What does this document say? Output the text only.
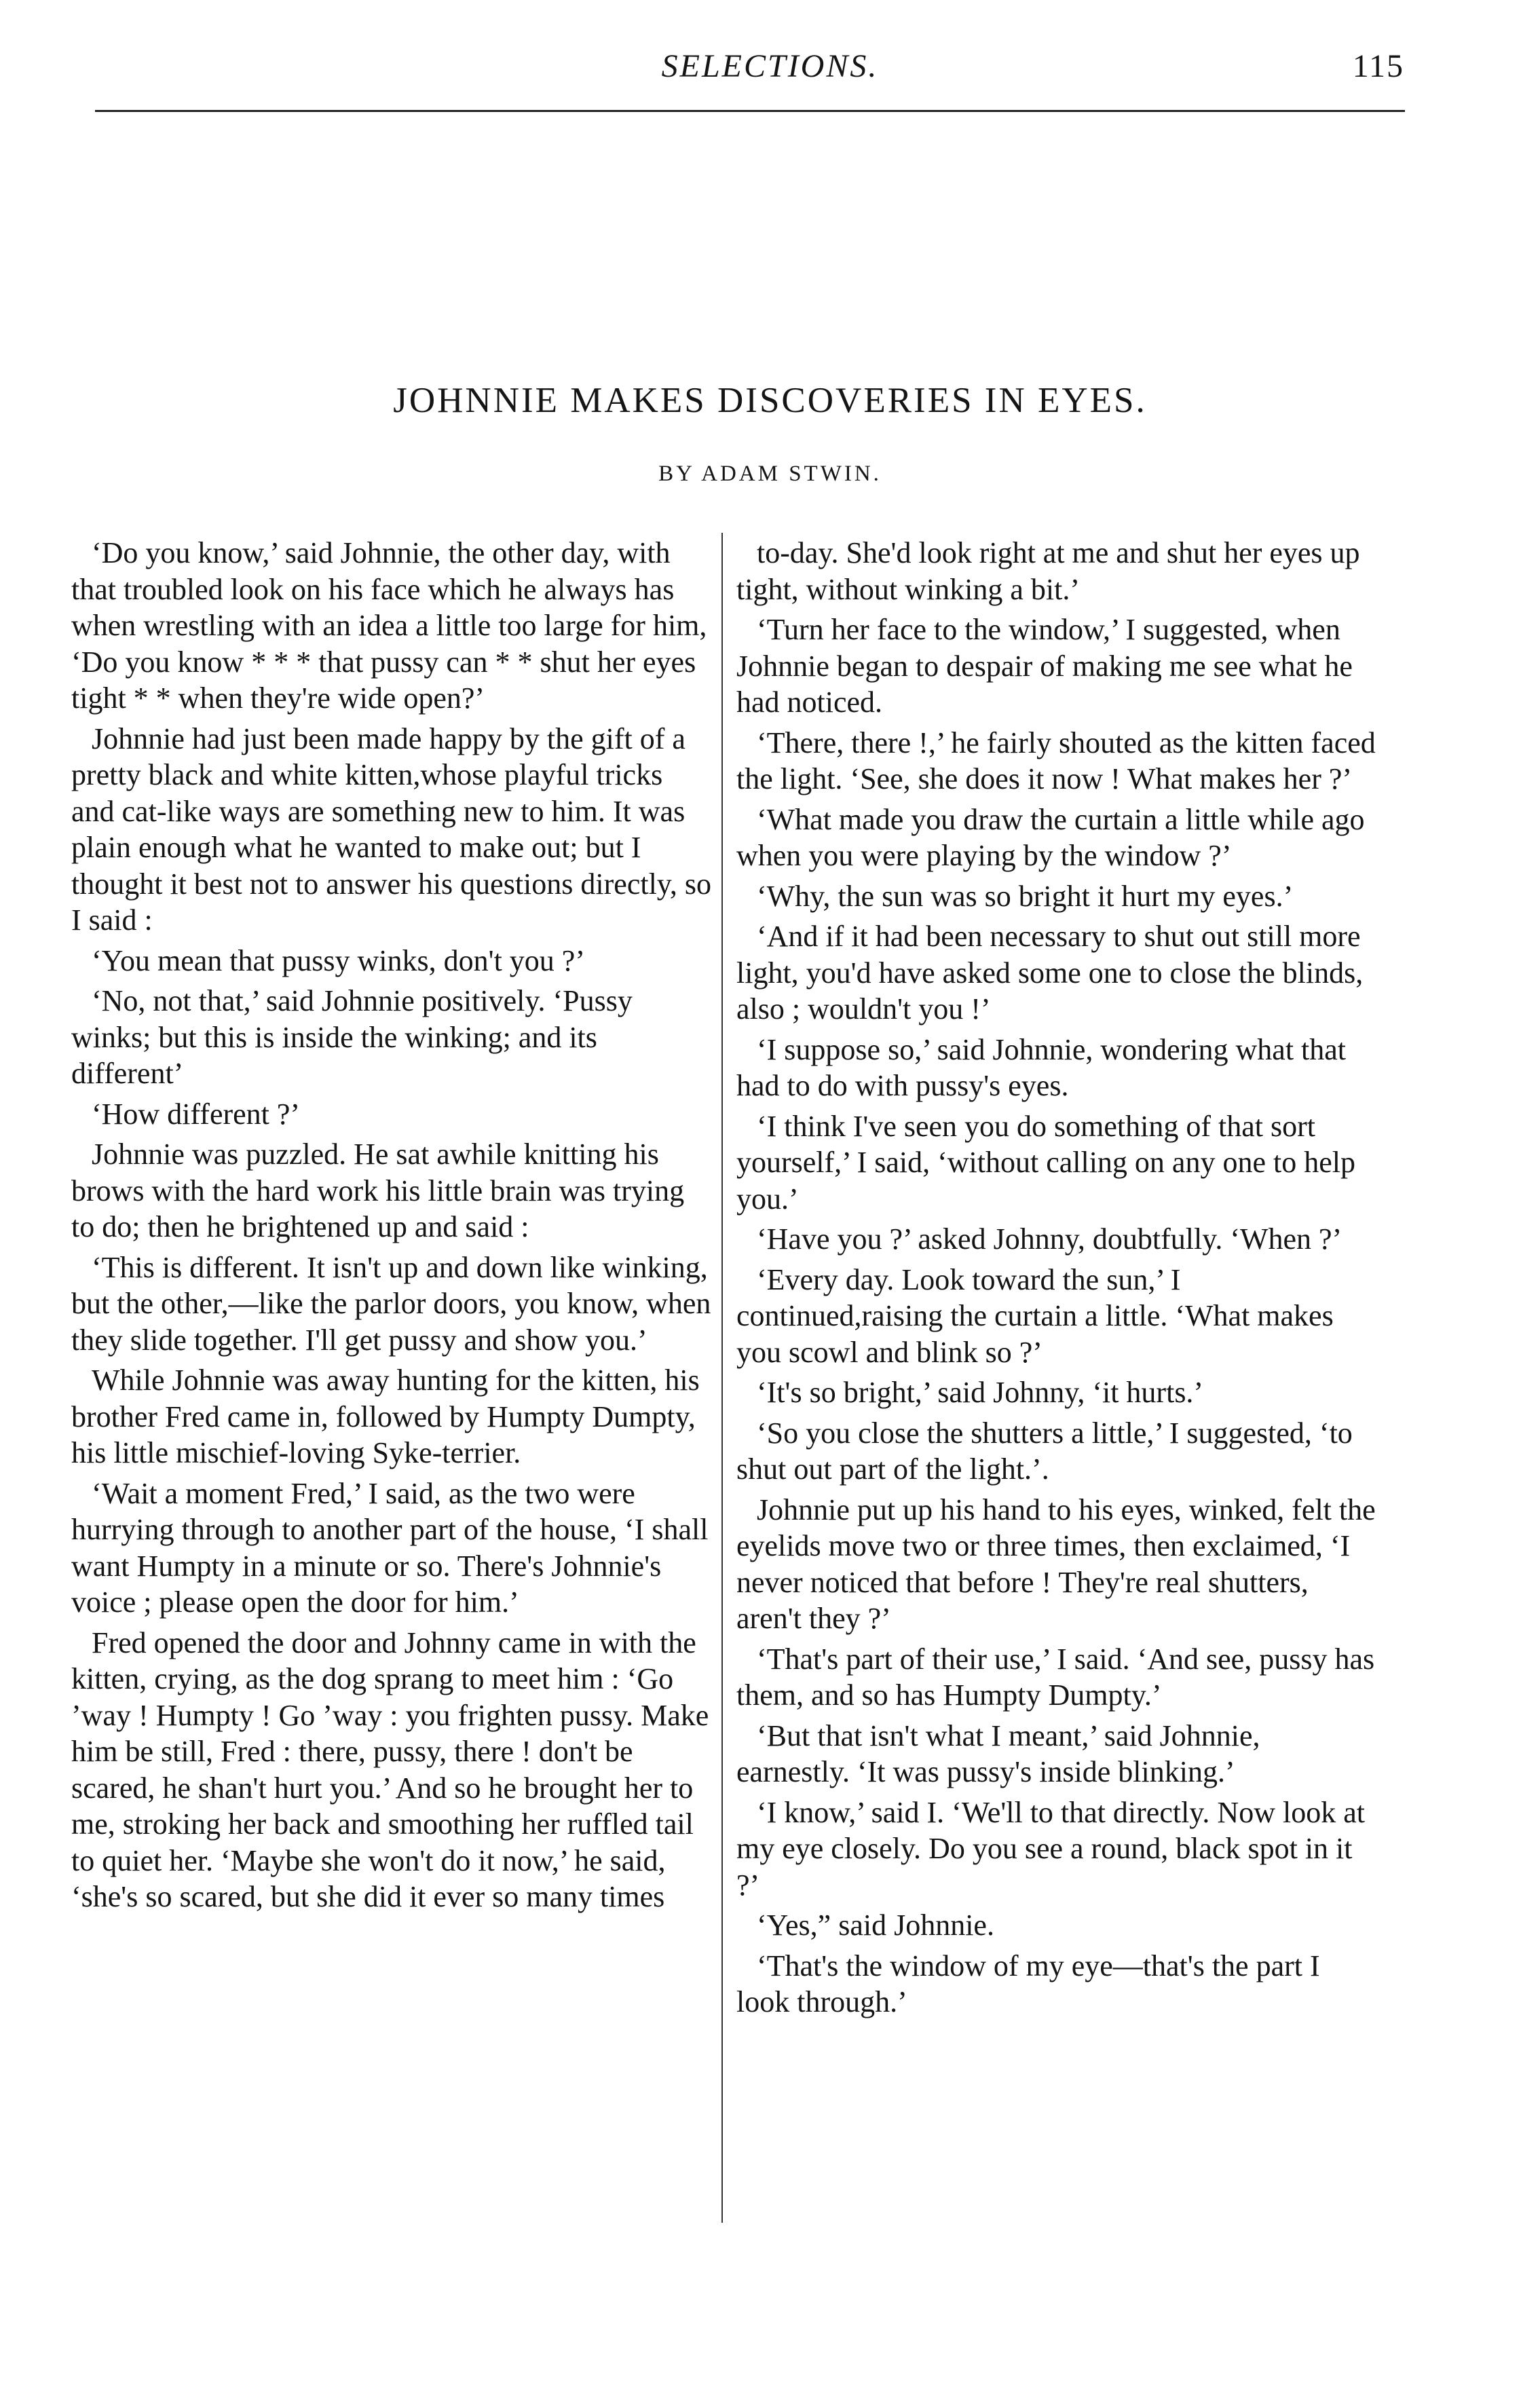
SELECTIONS.	115
JOHNNIE MAKES DISCOVERIES IN EYES.
BY ADAM STWIN.

‘Do you know,’ said Johnnie, the other day, with that troubled look on his face which he always has when wrestling with an idea a little too large for him, ‘Do you know * * * that pussy can * * shut her eyes tight * * when they're wide open?’

Johnnie had just been made happy by the gift of a pretty black and white kitten,whose playful tricks and cat-like ways are something new to him. It was plain enough what he wanted to make out; but I thought it best not to answer his questions directly, so I said :

‘You mean that pussy winks, don't you ?’

‘No, not that,’ said Johnnie positively. ‘Pussy winks; but this is inside the winking; and its different’

‘How different ?’

Johnnie was puzzled. He sat awhile knitting his brows with the hard work his little brain was trying to do; then he brightened up and said :

‘This is different. It isn't up and down like winking, but the other,—like the parlor doors, you know, when they slide together. I'll get pussy and show you.’

While Johnnie was away hunting for the kitten, his brother Fred came in, followed by Humpty Dumpty, his little mischief-loving Syke-terrier.

‘Wait a moment Fred,’ I said, as the two were hurrying through to another part of the house, ‘I shall want Humpty in a minute or so. There's Johnnie's voice ; please open the door for him.’

Fred opened the door and Johnny came in with the kitten, crying, as the dog sprang to meet him : ‘Go ’way ! Humpty ! Go ’way : you frighten pussy. Make him be still, Fred : there, pussy, there ! don't be scared, he shan't hurt you.’ And so he brought her to me, stroking her back and smoothing her ruffled tail to quiet her. ‘Maybe she won't do it now,’ he said, ‘she's so scared, but she did it ever so many times

to-day. She'd look right at me and shut her eyes up tight, without winking a bit.’

‘Turn her face to the window,’ I suggested, when Johnnie began to despair of making me see what he had noticed.

‘There, there !,’ he fairly shouted as the kitten faced the light. ‘See, she does it now ! What makes her ?’

‘What made you draw the curtain a little while ago when you were playing by the window ?’

‘Why, the sun was so bright it hurt my eyes.’

‘And if it had been necessary to shut out still more light, you'd have asked some one to close the blinds, also ; wouldn't you !’

‘I suppose so,’ said Johnnie, wondering what that had to do with pussy's eyes.

‘I think I've seen you do something of that sort yourself,’ I said, ‘without calling on any one to help you.’

‘Have you ?’ asked Johnny, doubtfully. ‘When ?’

‘Every day. Look toward the sun,’ I continued,raising the curtain a little. ‘What makes you scowl and blink so ?’

‘It's so bright,’ said Johnny, ‘it hurts.’

‘So you close the shutters a little,’ I suggested, ‘to shut out part of the light.’.

Johnnie put up his hand to his eyes, winked, felt the eyelids move two or three times, then exclaimed, ‘I never noticed that before ! They're real shutters, aren't they ?’

‘That's part of their use,’ I said. ‘And see, pussy has them, and so has Humpty Dumpty.’

‘But that isn't what I meant,’ said Johnnie, earnestly. ‘It was pussy's inside blinking.’

‘I know,’ said I. ‘We'll to that directly. Now look at my eye closely. Do you see a round, black spot in it ?’

‘Yes,” said Johnnie.

‘That's the window of my eye—that's the part I look through.’
